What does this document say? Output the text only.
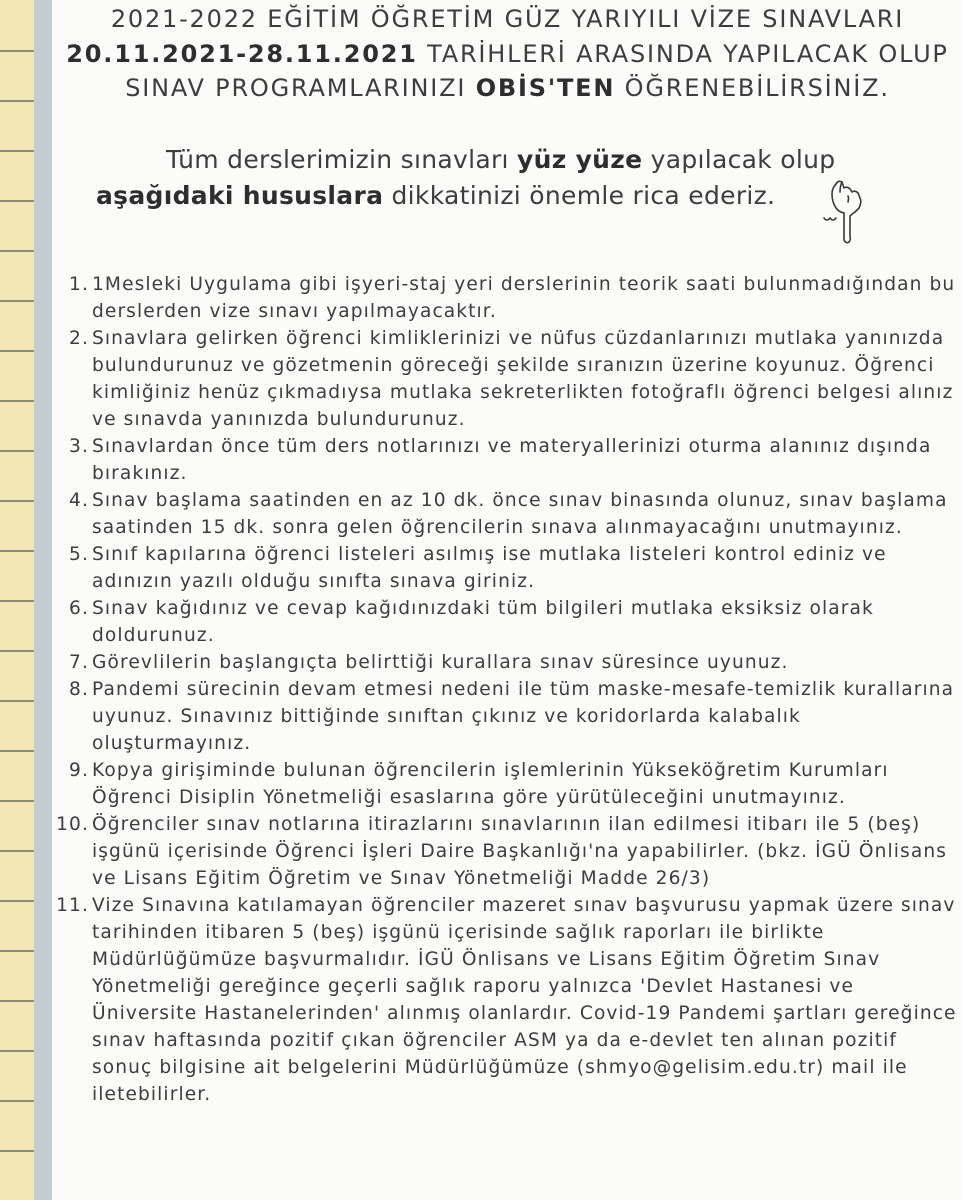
2021-2022 EĞİTİM ÖĞRETİM GÜZ YARIYILI VİZE SINAVLARI
20.11.2021-28.11.2021 TARİHLERİ ARASINDA YAPILACAK OLUP
SINAV PROGRAMLARINIZI OBİS'TEN ÖĞRENEBİLİRSİNİZ.
Tüm derslerimizin sınavları yüz yüze yapılacak olup
aşağıdaki hususlara dikkatinizi önemle rica ederiz.
1. 1Mesleki Uygulama gibi işyeri-staj yeri derslerinin teorik saati bulunmadığından bu derslerden vize sınavı yapılmayacaktır.
2. Sınavlara gelirken öğrenci kimliklerinizi ve nüfus cüzdanlarınızı mutlaka yanınızda bulundurunuz ve gözetmenin göreceği şekilde sıranızın üzerine koyunuz. Öğrenci kimliğiniz henüz çıkmadıysa mutlaka sekreterlikten fotoğraflı öğrenci belgesi alınız ve sınavda yanınızda bulundurunuz.
3. Sınavlardan önce tüm ders notlarınızı ve materyallerinizi oturma alanınız dışında bırakınız.
4. Sınav başlama saatinden en az 10 dk. önce sınav binasında olunuz, sınav başlama saatinden 15 dk. sonra gelen öğrencilerin sınava alınmayacağını unutmayınız.
5. Sınıf kapılarına öğrenci listeleri asılmış ise mutlaka listeleri kontrol ediniz ve adınızın yazılı olduğu sınıfta sınava giriniz.
6. Sınav kağıdınız ve cevap kağıdınızdaki tüm bilgileri mutlaka eksiksiz olarak doldurunuz.
7. Görevlilerin başlangıçta belirttiği kurallara sınav süresince uyunuz.
8. Pandemi sürecinin devam etmesi nedeni ile tüm maske-mesafe-temizlik kurallarına uyunuz. Sınavınız bittiğinde sınıftan çıkınız ve koridorlarda kalabalık oluşturmayınız.
9. Kopya girişiminde bulunan öğrencilerin işlemlerinin Yükseköğretim Kurumları Öğrenci Disiplin Yönetmeliği esaslarına göre yürütüleceğini unutmayınız.
10. Öğrenciler sınav notlarına itirazlarını sınavlarının ilan edilmesi itibarı ile 5 (beş) işgünü içerisinde Öğrenci İşleri Daire Başkanlığı'na yapabilirler. (bkz. İGÜ Önlisans ve Lisans Eğitim Öğretim ve Sınav Yönetmeliği Madde 26/3)
11. Vize Sınavına katılamayan öğrenciler mazeret sınav başvurusu yapmak üzere sınav tarihinden itibaren 5 (beş) işgünü içerisinde sağlık raporları ile birlikte Müdürlüğümüze başvurmalıdır. İGÜ Önlisans ve Lisans Eğitim Öğretim Sınav Yönetmeliği gereğince geçerli sağlık raporu yalnızca 'Devlet Hastanesi ve Üniversite Hastanelerinden' alınmış olanlardır. Covid-19 Pandemi şartları gereğince sınav haftasında pozitif çıkan öğrenciler ASM ya da e-devlet ten alınan pozitif sonuç bilgisine ait belgelerini Müdürlüğümüze (shmyo@gelisim.edu.tr) mail ile iletebilirler.
